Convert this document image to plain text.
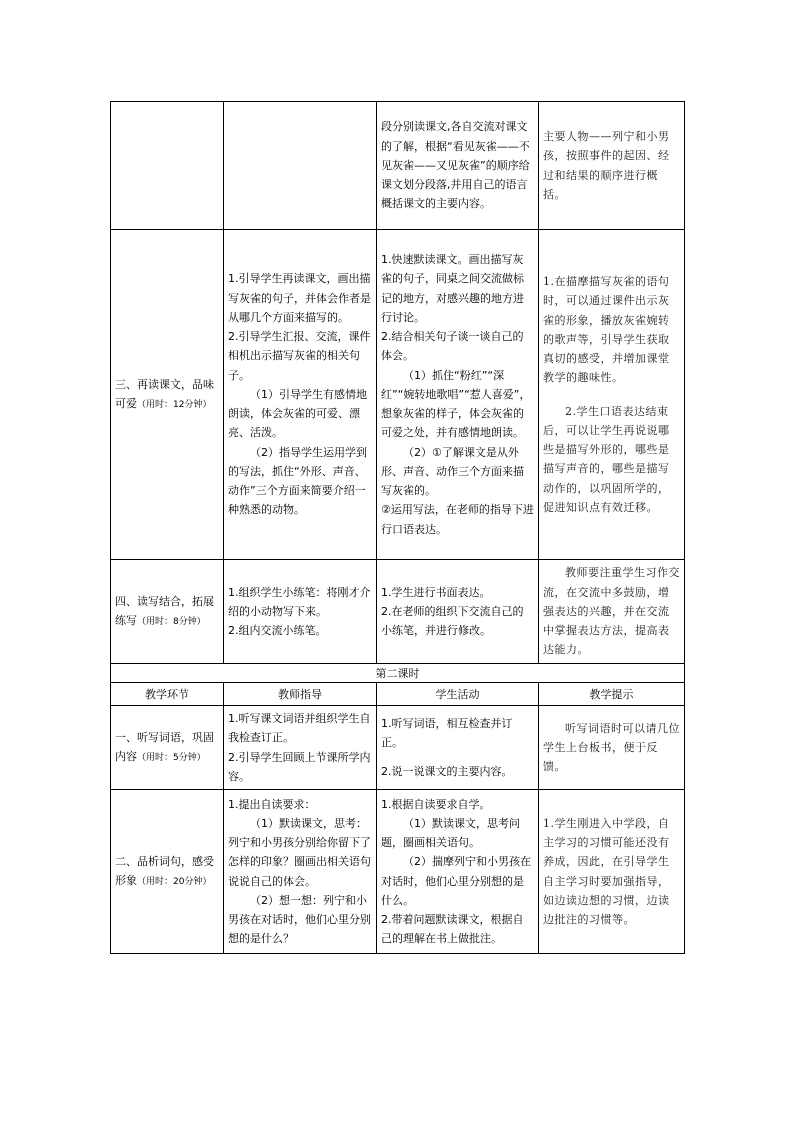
		段分别读课文,各自交流对课文的了解，根据“看见灰雀——不见灰雀——又见灰雀”的顺序给课文划分段落,并用自己的语言概括课文的主要内容。	主要人物——列宁和小男孩，按照事件的起因、经过和结果的顺序进行概括。
三、再读课文，品味可爱（用时：12分钟）	1.引导学生再读课文，画出描写灰雀的句子，并体会作者是从哪几个方面来描写的。
2.引导学生汇报、交流，课件相机出示描写灰雀的相关句子。
（1）引导学生有感情地朗读，体会灰雀的可爱、漂亮、活泼。
（2）指导学生运用学到的写法，抓住“外形、声音、动作”三个方面来简要介绍一种熟悉的动物。	1.快速默读课文。画出描写灰雀的句子，同桌之间交流做标记的地方，对感兴趣的地方进行讨论。
2.结合相关句子谈一谈自己的体会。
（1）抓住“粉红”“深红”“婉转地歌唱”“惹人喜爱”，想象灰雀的样子，体会灰雀的可爱之处，并有感情地朗读。
（2）①了解课文是从外形、声音、动作三个方面来描写灰雀的。
②运用写法，在老师的指导下进行口语表达。	1.在描摩描写灰雀的语句时，可以通过课件出示灰雀的形象，播放灰雀婉转的歌声等，引导学生获取真切的感受，并增加课堂教学的趣味性。
2.学生口语表达结束后，可以让学生再说说哪些是描写外形的，哪些是描写声音的，哪些是描写动作的，以巩固所学的，促进知识点有效迁移。

四、读写结合，拓展练写（用时：8分钟）	1.组织学生小练笔：将刚才介绍的小动物写下来。
2.组内交流小练笔。	1.学生进行书面表达。
2.在老师的组织下交流自己的小练笔，并进行修改。	教师要注重学生习作交流，在交流中多鼓励，增强表达的兴趣，并在交流中掌握表达方法，提高表达能力。

第二课时			
教学环节	教师指导	学生活动	教学提示
一、听写词语，巩固内容（用时：5分钟）	1.听写课文词语并组织学生自我检查订正。
2.引导学生回顾上节课所学内容。	1.听写词语，相互检查并订正。
2.说一说课文的主要内容。	听写词语时可以请几位学生上台板书，便于反馈。

二、品析词句，感受形象（用时：20分钟）	1.提出自读要求：
（1）默读课文，思考：列宁和小男孩分别给你留下了怎样的印象？圈画出相关语句说说自己的体会。
（2）想一想：列宁和小男孩在对话时，他们心里分别想的是什么？	1.根据自读要求自学。
（1）默读课文，思考问题，圈画相关语句。
（2）揣摩列宁和小男孩在对话时，他们心里分别想的是什么。
2.带着问题默读课文，根据自己的理解在书上做批注。	1.学生刚进入中学段，自主学习的习惯可能还没有养成，因此，在引导学生自主学习时要加强指导，如边读边想的习惯，边读边批注的习惯等。
